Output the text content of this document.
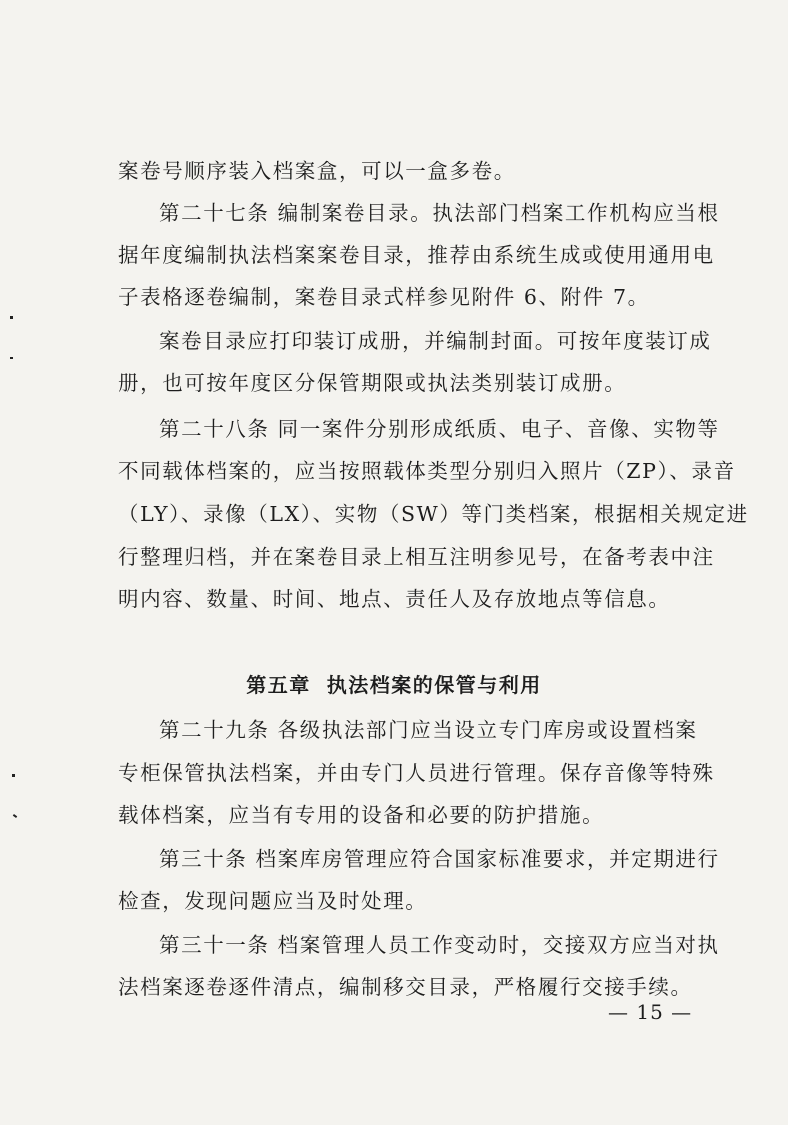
案卷号顺序装入档案盒，可以一盒多卷。

第二十七条 编制案卷目录。执法部门档案工作机构应当根

据年度编制执法档案案卷目录，推荐由系统生成或使用通用电

子表格逐卷编制，案卷目录式样参见附件 6、附件 7。

案卷目录应打印装订成册，并编制封面。可按年度装订成

册，也可按年度区分保管期限或执法类别装订成册。

第二十八条 同一案件分别形成纸质、电子、音像、实物等

不同载体档案的，应当按照载体类型分别归入照片（ZP）、录音

（LY）、录像（LX）、实物（SW）等门类档案，根据相关规定进

行整理归档，并在案卷目录上相互注明参见号，在备考表中注

明内容、数量、时间、地点、责任人及存放地点等信息。

第五章 执法档案的保管与利用

第二十九条 各级执法部门应当设立专门库房或设置档案

专柜保管执法档案，并由专门人员进行管理。保存音像等特殊

载体档案，应当有专用的设备和必要的防护措施。

第三十条 档案库房管理应符合国家标准要求，并定期进行

检查，发现问题应当及时处理。

第三十一条 档案管理人员工作变动时，交接双方应当对执

法档案逐卷逐件清点，编制移交目录，严格履行交接手续。

— 15 —
